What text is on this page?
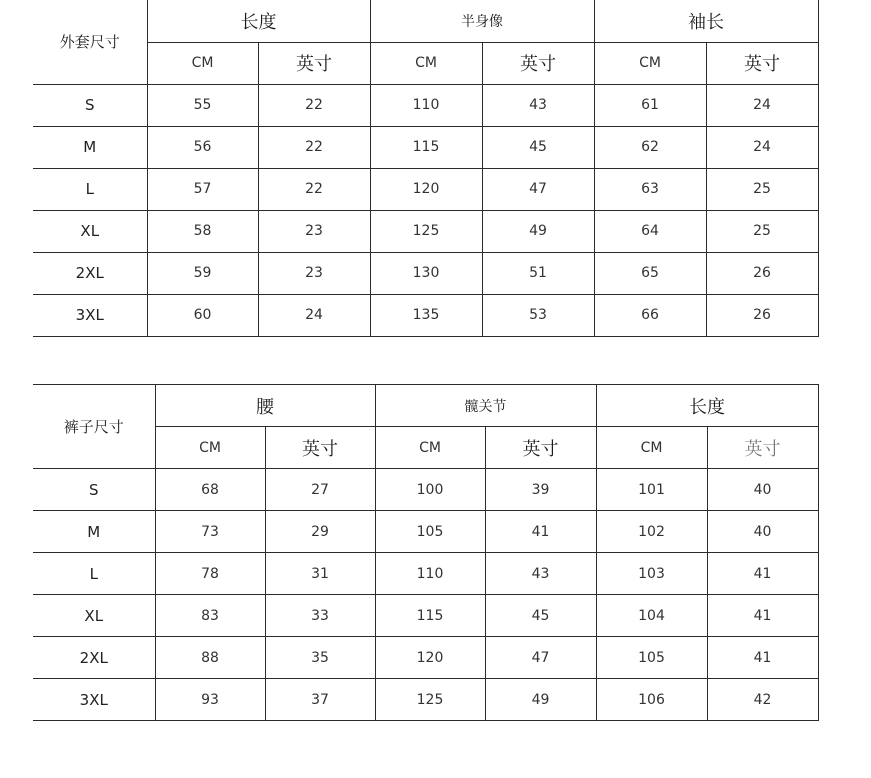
外套尺寸	长度		半身像		袖长	
	CM	英寸	CM	英寸	CM	英寸
S	55	22	110	43	61	24
M	56	22	115	45	62	24
L	57	22	120	47	63	25
XL	58	23	125	49	64	25
2XL	59	23	130	51	65	26
3XL	60	24	135	53	66	26
裤子尺寸	腰		髋关节		长度	
	CM	英寸	CM	英寸	CM	英寸
S	68	27	100	39	101	40
M	73	29	105	41	102	40
L	78	31	110	43	103	41
XL	83	33	115	45	104	41
2XL	88	35	120	47	105	41
3XL	93	37	125	49	106	42
